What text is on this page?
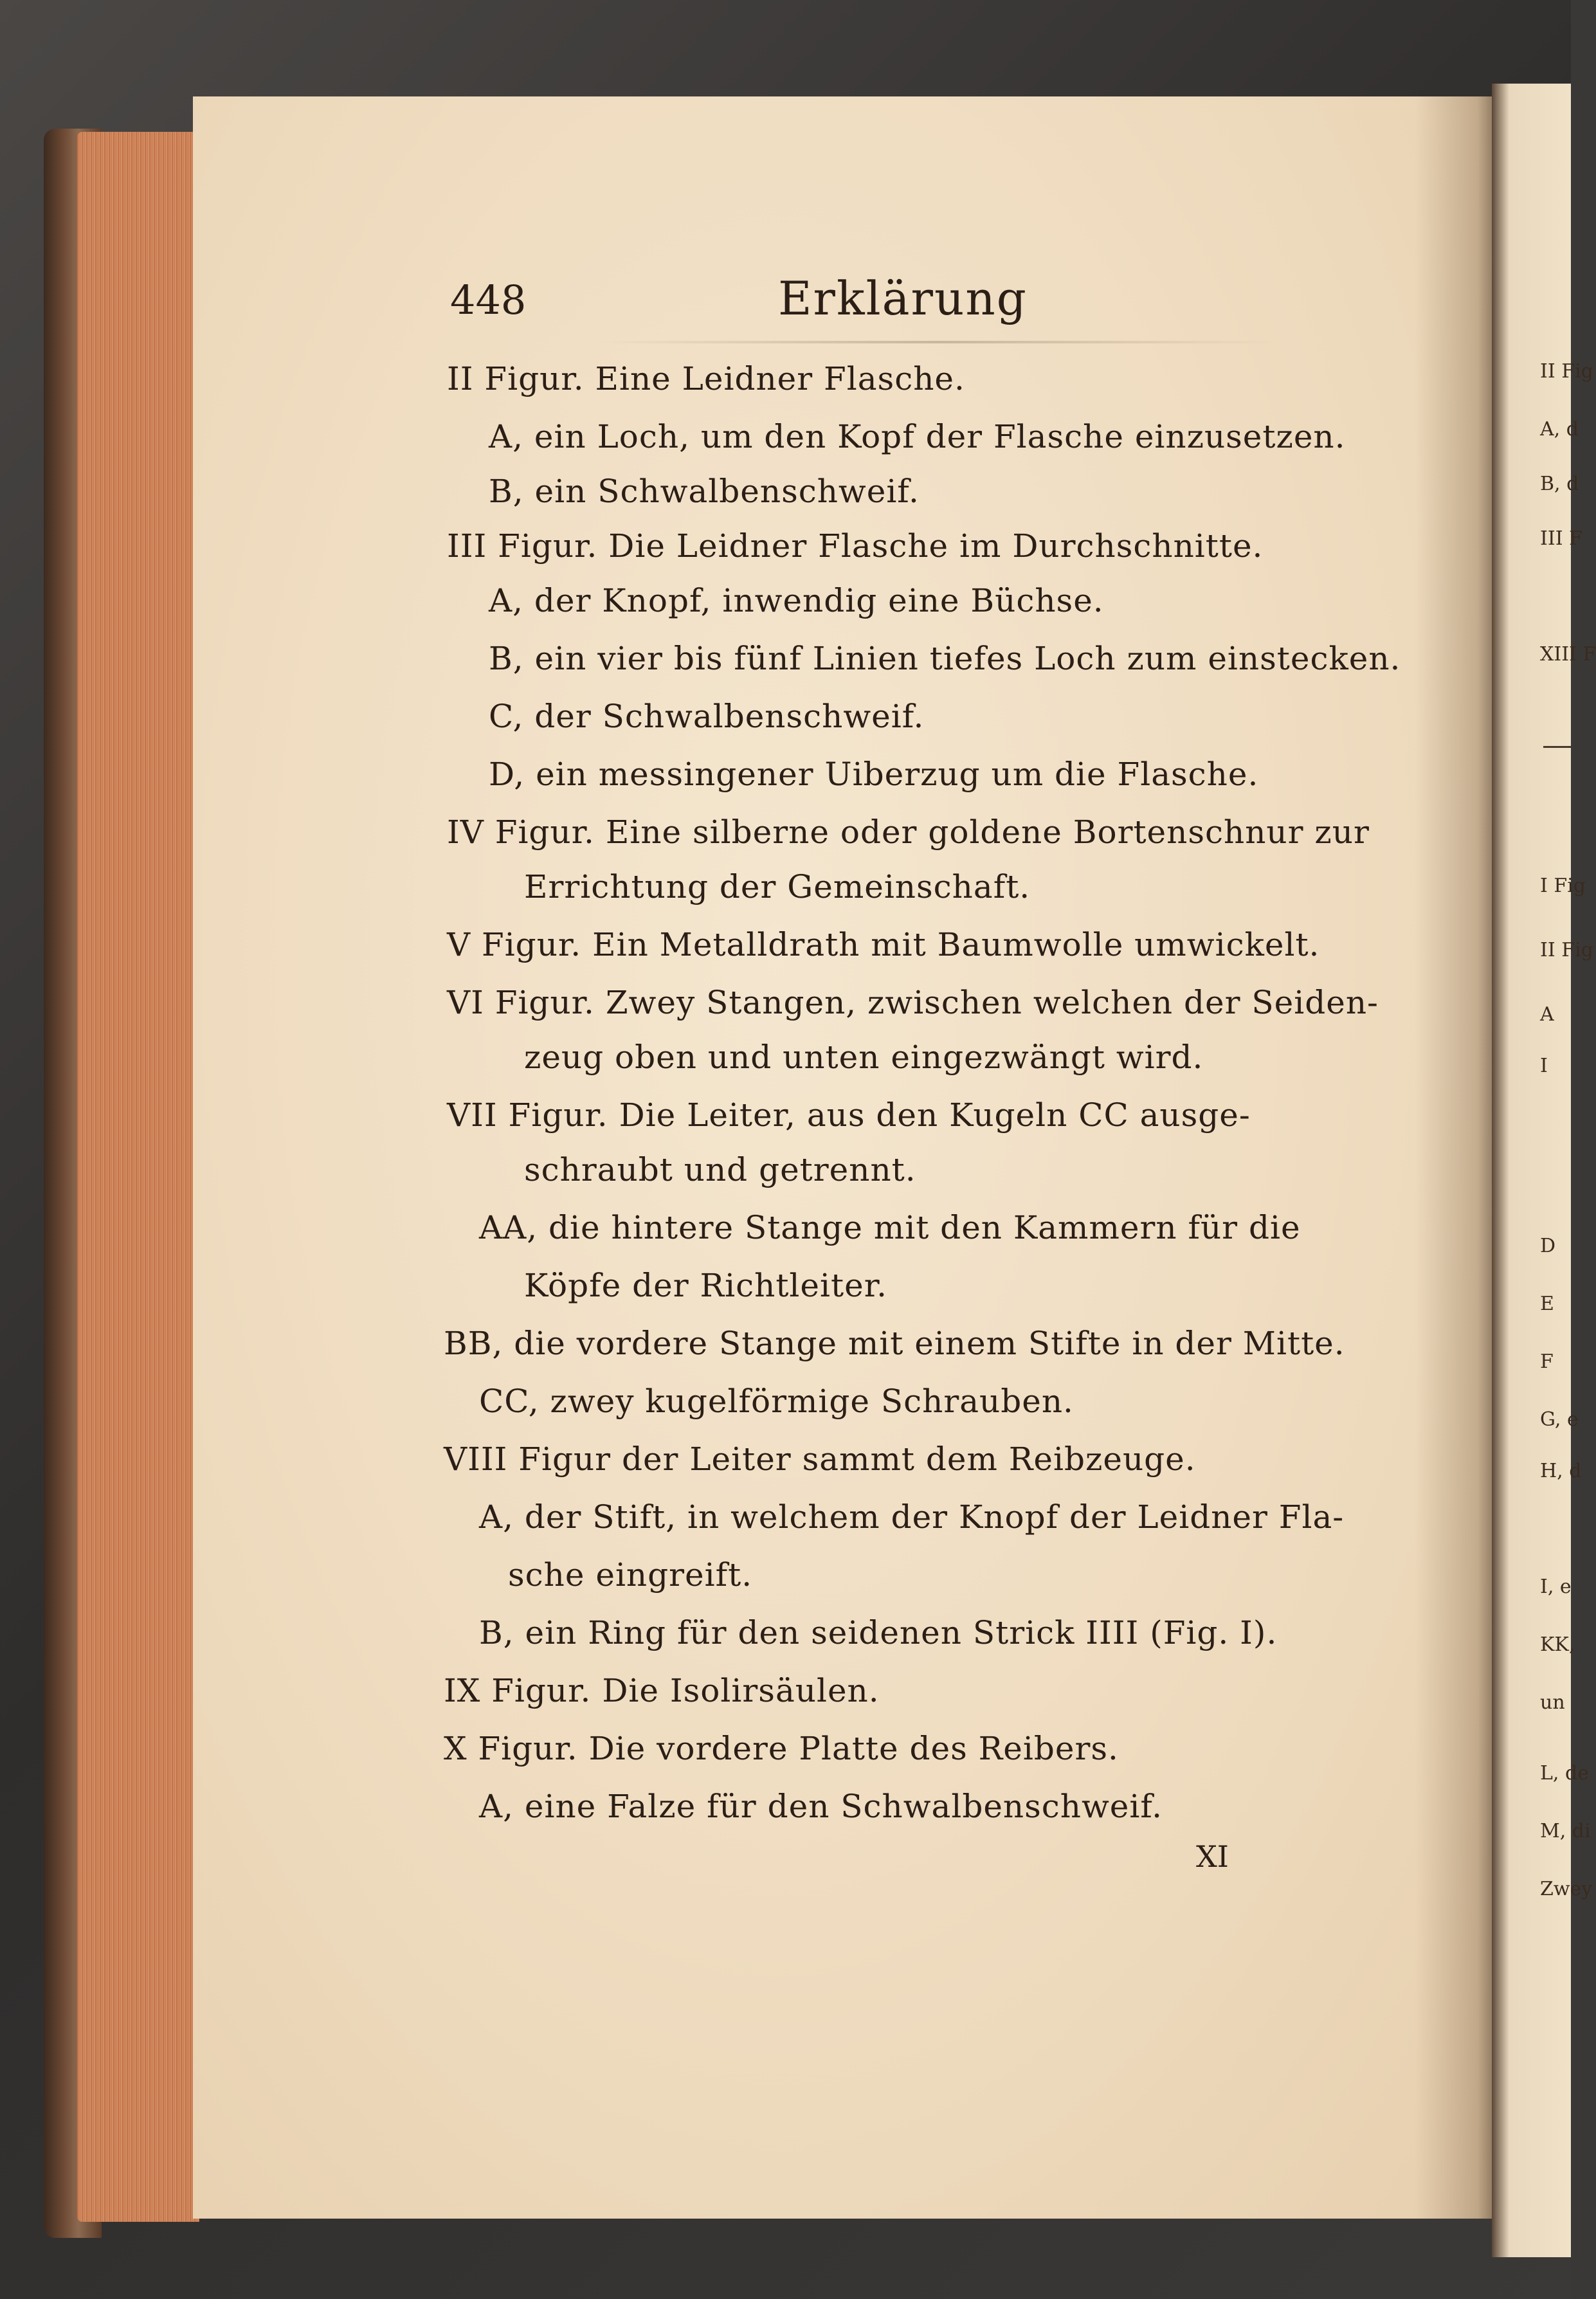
II Fig
A, d
B, d
III F
XIII F
I Fig
II Fig
A
I
D
E
F
G, e
H, d
I, e
KK,
un
L, de
M, di
Zwey
448	Erklärung
II Figur. Eine Leidner Flasche.
A, ein Loch, um den Kopf der Flasche einzusetzen.
B, ein Schwalbenschweif.
III Figur. Die Leidner Flasche im Durchschnitte.
A, der Knopf, inwendig eine Büchse.
B, ein vier bis fünf Linien tiefes Loch zum einstecken.
C, der Schwalbenschweif.
D, ein messingener Uiberzug um die Flasche.
IV Figur. Eine silberne oder goldene Bortenschnur zur
Errichtung der Gemeinschaft.
V Figur. Ein Metalldrath mit Baumwolle umwickelt.
VI Figur. Zwey Stangen, zwischen welchen der Seiden-
zeug oben und unten eingezwängt wird.
VII Figur. Die Leiter, aus den Kugeln CC ausge-
schraubt und getrennt.
AA, die hintere Stange mit den Kammern für die
Köpfe der Richtleiter.
BB, die vordere Stange mit einem Stifte in der Mitte.
CC, zwey kugelförmige Schrauben.
VIII Figur der Leiter sammt dem Reibzeuge.
A, der Stift, in welchem der Knopf der Leidner Fla-
sche eingreift.
B, ein Ring für den seidenen Strick IIII (Fig. I).
IX Figur. Die Isolirsäulen.
X Figur. Die vordere Platte des Reibers.
A, eine Falze für den Schwalbenschweif.
XI
